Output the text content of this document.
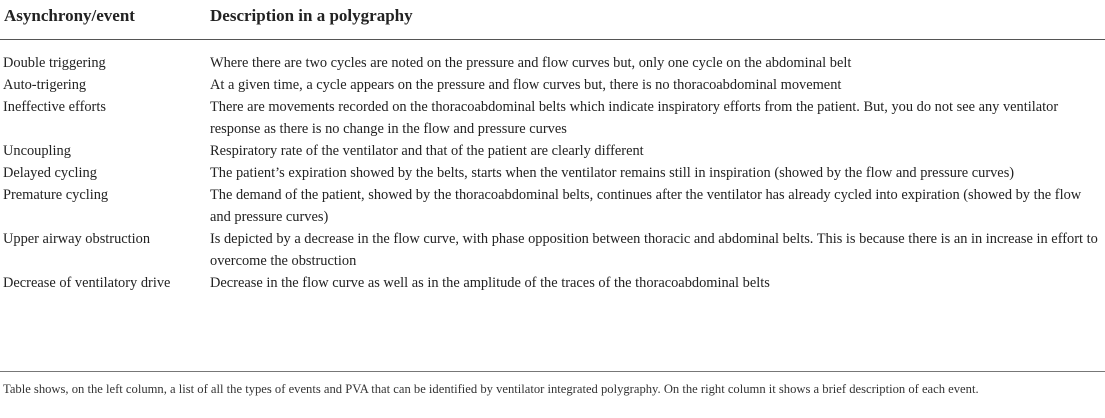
Asynchrony/event	Description in a polygraphy
Double triggering	Where there are two cycles are noted on the pressure and flow curves but, only one cycle on the abdominal belt
Auto-trigering	At a given time, a cycle appears on the pressure and flow curves but, there is no thoracoabdominal movement
Ineffective efforts	There are movements recorded on the thoracoabdominal belts which indicate inspiratory efforts from the patient. But, you do not see any ventilator response as there is no change in the flow and pressure curves
Uncoupling	Respiratory rate of the ventilator and that of the patient are clearly different
Delayed cycling	The patient’s expiration showed by the belts, starts when the ventilator remains still in inspiration (showed by the flow and pressure curves)
Premature cycling	The demand of the patient, showed by the thoracoabdominal belts, continues after the ventilator has already cycled into expiration (showed by the flow and pressure curves)
Upper airway obstruction	Is depicted by a decrease in the flow curve, with phase opposition between thoracic and abdominal belts. This is because there is an in increase in effort to overcome the obstruction
Decrease of ventilatory drive	Decrease in the flow curve as well as in the amplitude of the traces of the thoracoabdominal belts
Table shows, on the left column, a list of all the types of events and PVA that can be identified by ventilator integrated polygraphy. On the right column it shows a brief description of each event.
